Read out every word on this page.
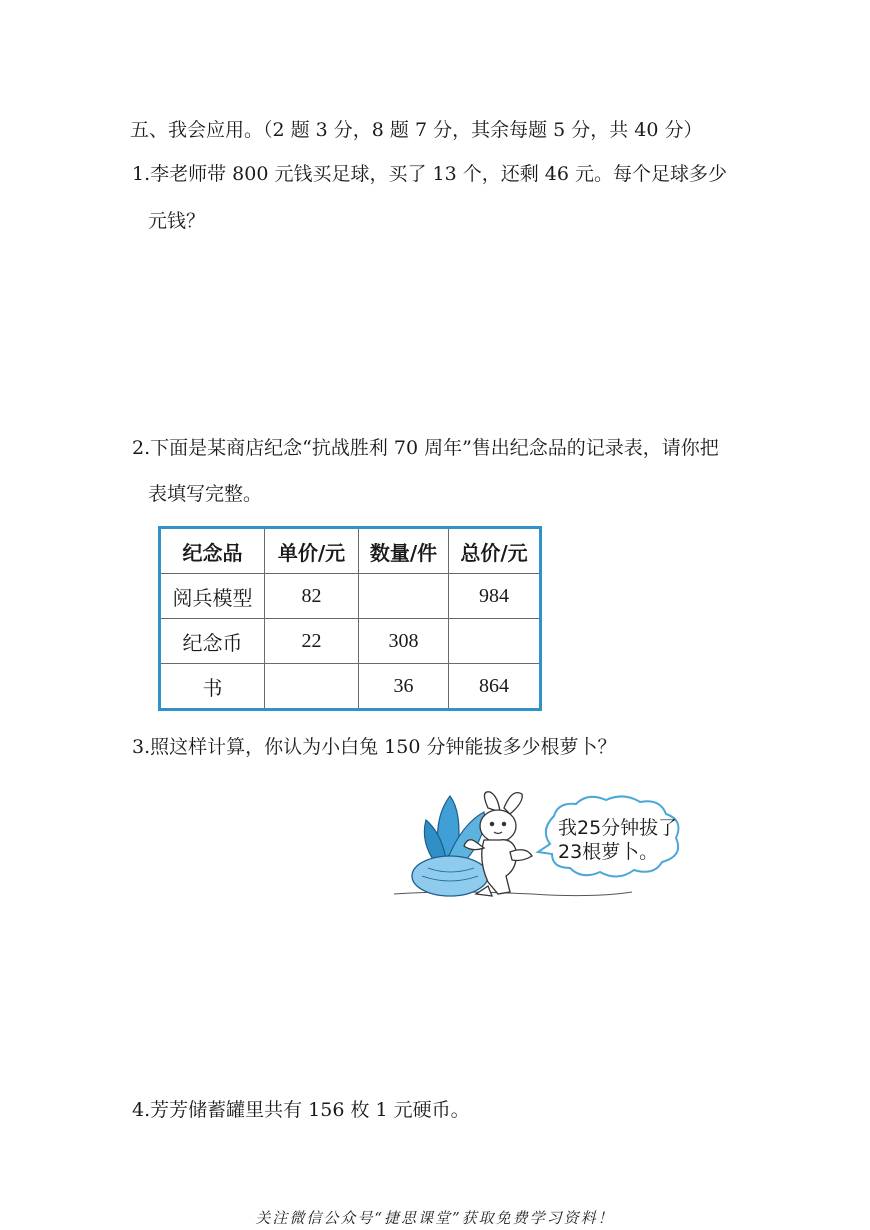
五、我会应用。（2 题 3 分，8 题 7 分，其余每题 5 分，共 40 分）
1.李老师带 800 元钱买足球，买了 13 个，还剩 46 元。每个足球多少
元钱？
2.下面是某商店纪念“抗战胜利 70 周年”售出纪念品的记录表，请你把
表填写完整。
纪念品	单价/元	数量/件	总价/元
阅兵模型	82		984
纪念币	22	308	
书		36	864
3.照这样计算，你认为小白兔 150 分钟能拔多少根萝卜？
我25分钟拔了
23根萝卜。
4.芳芳储蓄罐里共有 156 枚 1 元硬币。
关注微信公众号“捷思课堂”获取免费学习资料！
